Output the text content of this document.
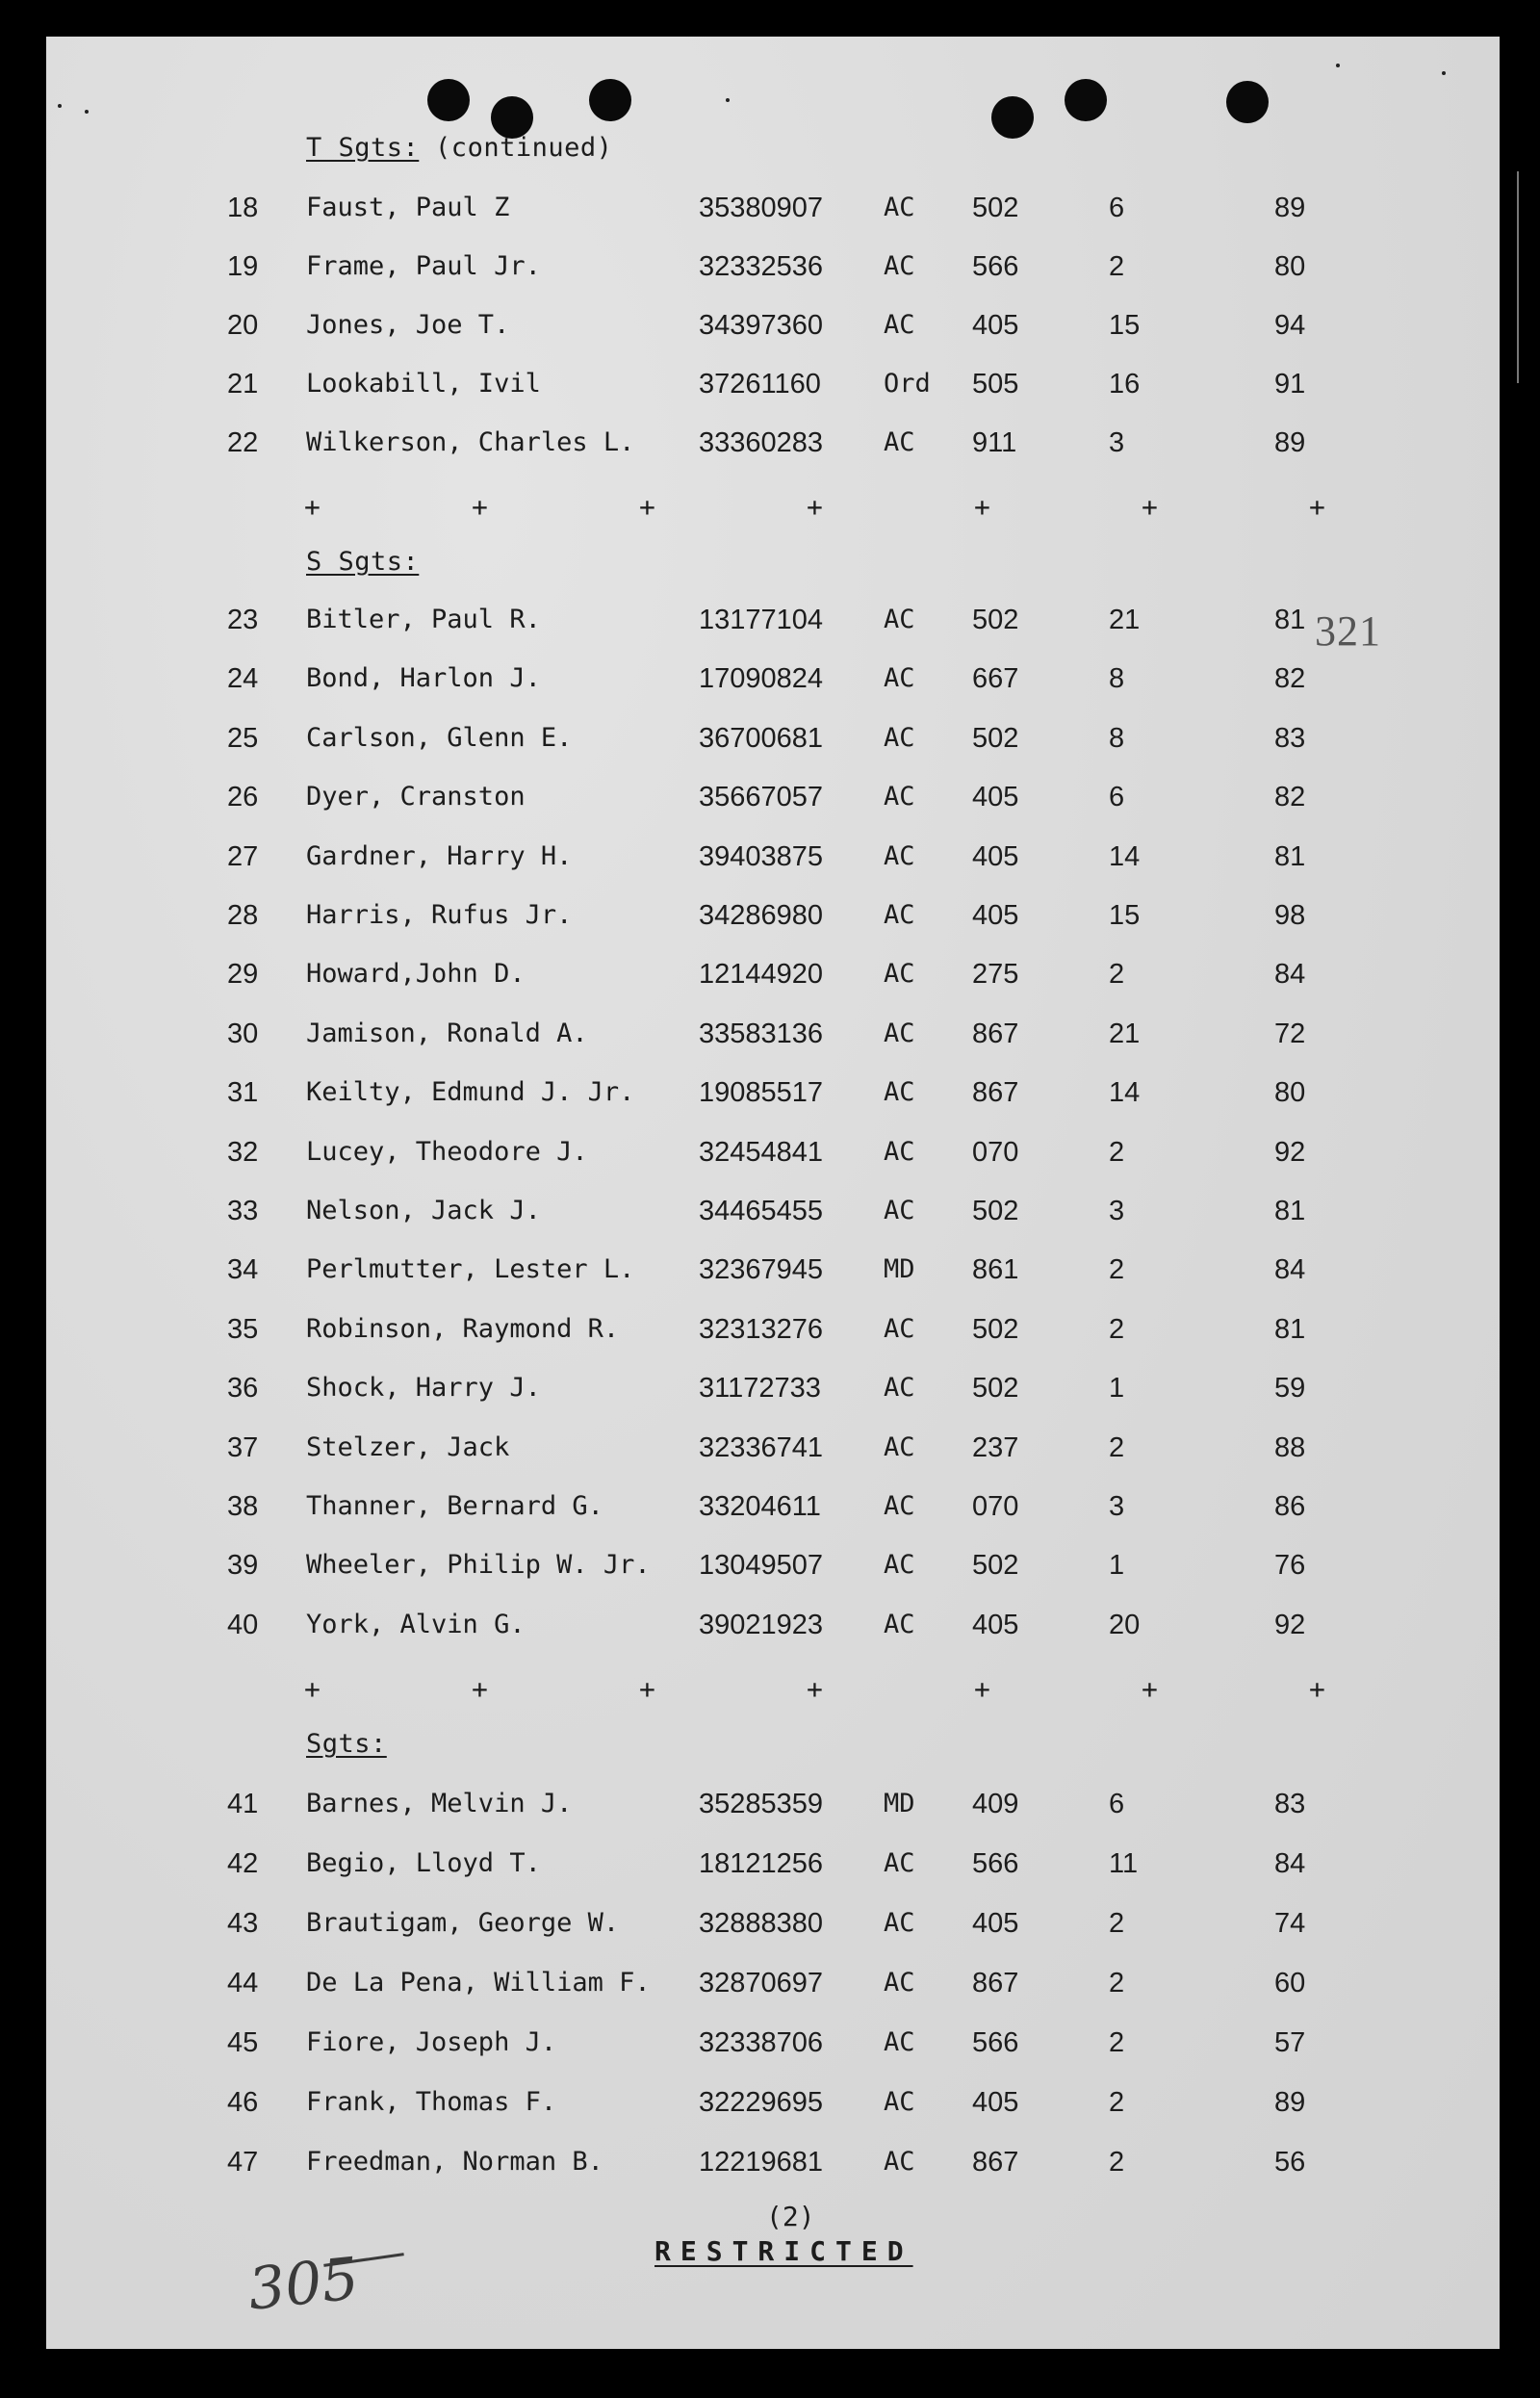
T Sgts: (continued)
18 Faust, Paul Z	35380907 AC 502	6	89
19 Frame, Paul Jr.	32332536 AC 566	2	80
20 Jones, Joe T.	34397360 AC 405	15	94
21 Lookabill, Ivil	37261160 Ord 505	16	91
22 Wilkerson, Charles L. 33360283 AC 911	3	89
+	+	+	+	+	+	+
S Sgts:
23 Bitler, Paul R.	13177104 AC 502	21	81
24 Bond, Harlon J.	17090824 AC 667	8	82
25 Carlson, Glenn E.	36700681 AC 502	8	83
26 Dyer, Cranston	35667057 AC 405	6	82
27 Gardner, Harry H.	39403875 AC 405	14	81
28 Harris, Rufus Jr.	34286980 AC 405	15	98
29 Howard,John D.	12144920 AC 275	2	84
30 Jamison, Ronald A.	33583136 AC 867	21	72
31 Keilty, Edmund J. Jr. 19085517 AC 867	14	80
32 Lucey, Theodore J.	32454841 AC 070	2	92
33 Nelson, Jack J.	34465455 AC 502	3	81
34 Perlmutter, Lester L. 32367945 MD 861	2	84
35 Robinson, Raymond R.	32313276 AC 502	2	81
36 Shock, Harry J.	31172733 AC 502	1	59
37 Stelzer, Jack	32336741 AC 237	2	88
38 Thanner, Bernard G.	33204611 AC 070	3	86
39 Wheeler, Philip W. Jr. 13049507 AC 502	1	76
40 York, Alvin G.	39021923 AC 405	20	92
+	+	+	+	+	+	+
Sgts:
41 Barnes, Melvin J.	35285359 MD 409	6	83
42 Begio, Lloyd T.	18121256 AC 566	11	84
43 Brautigam, George W.	32888380 AC 405	2	74
44 De La Pena, William F. 32870697 AC 867	2	60
45 Fiore, Joseph J.	32338706 AC 566	2	57
46 Frank, Thomas F.	32229695 AC 405	2	89
47 Freedman, Norman B.	12219681 AC 867	2	56
321
(2)
RESTRICTED
305
